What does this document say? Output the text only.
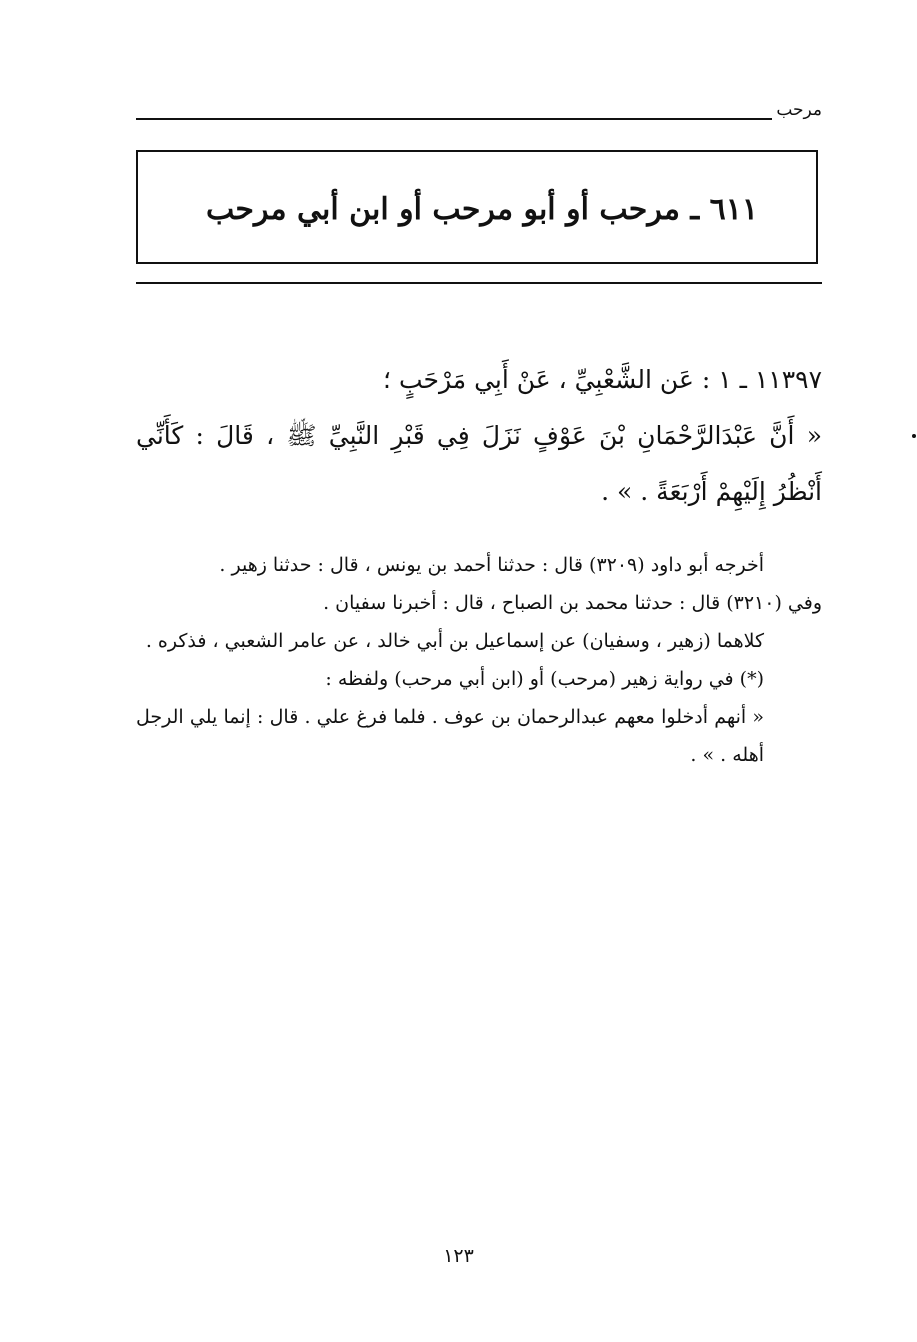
مرحب
٦١١ ـ مرحب أو أبو مرحب أو ابن أبي مرحب
١١٣٩٧ ـ ١ : عَن الشَّعْبِيِّ ، عَنْ أَبِي مَرْحَبٍ ؛
« أَنَّ عَبْدَالرَّحْمَانِ بْنَ عَوْفٍ نَزَلَ فِي قَبْرِ النَّبِيِّ ﷺ ، قَالَ : كَأَنِّي أَنْظُرُ إِلَيْهِمْ أَرْبَعَةً . » .

أخرجه أبو داود (٣٢٠٩) قال : حدثنا أحمد بن يونس ، قال : حدثنا زهير .

وفي (٣٢١٠) قال : حدثنا محمد بن الصباح ، قال : أخبرنا سفيان .

كلاهما (زهير ، وسفيان) عن إسماعيل بن أبي خالد ، عن عامر الشعبي ، فذكره .

(*) في رواية زهير (مرحب) أو (ابن أبي مرحب) ولفظه :

« أنهم أدخلوا معهم عبدالرحمان بن عوف . فلما فرغ علي . قال : إنما يلي الرجل أهله . » .

١٢٣
